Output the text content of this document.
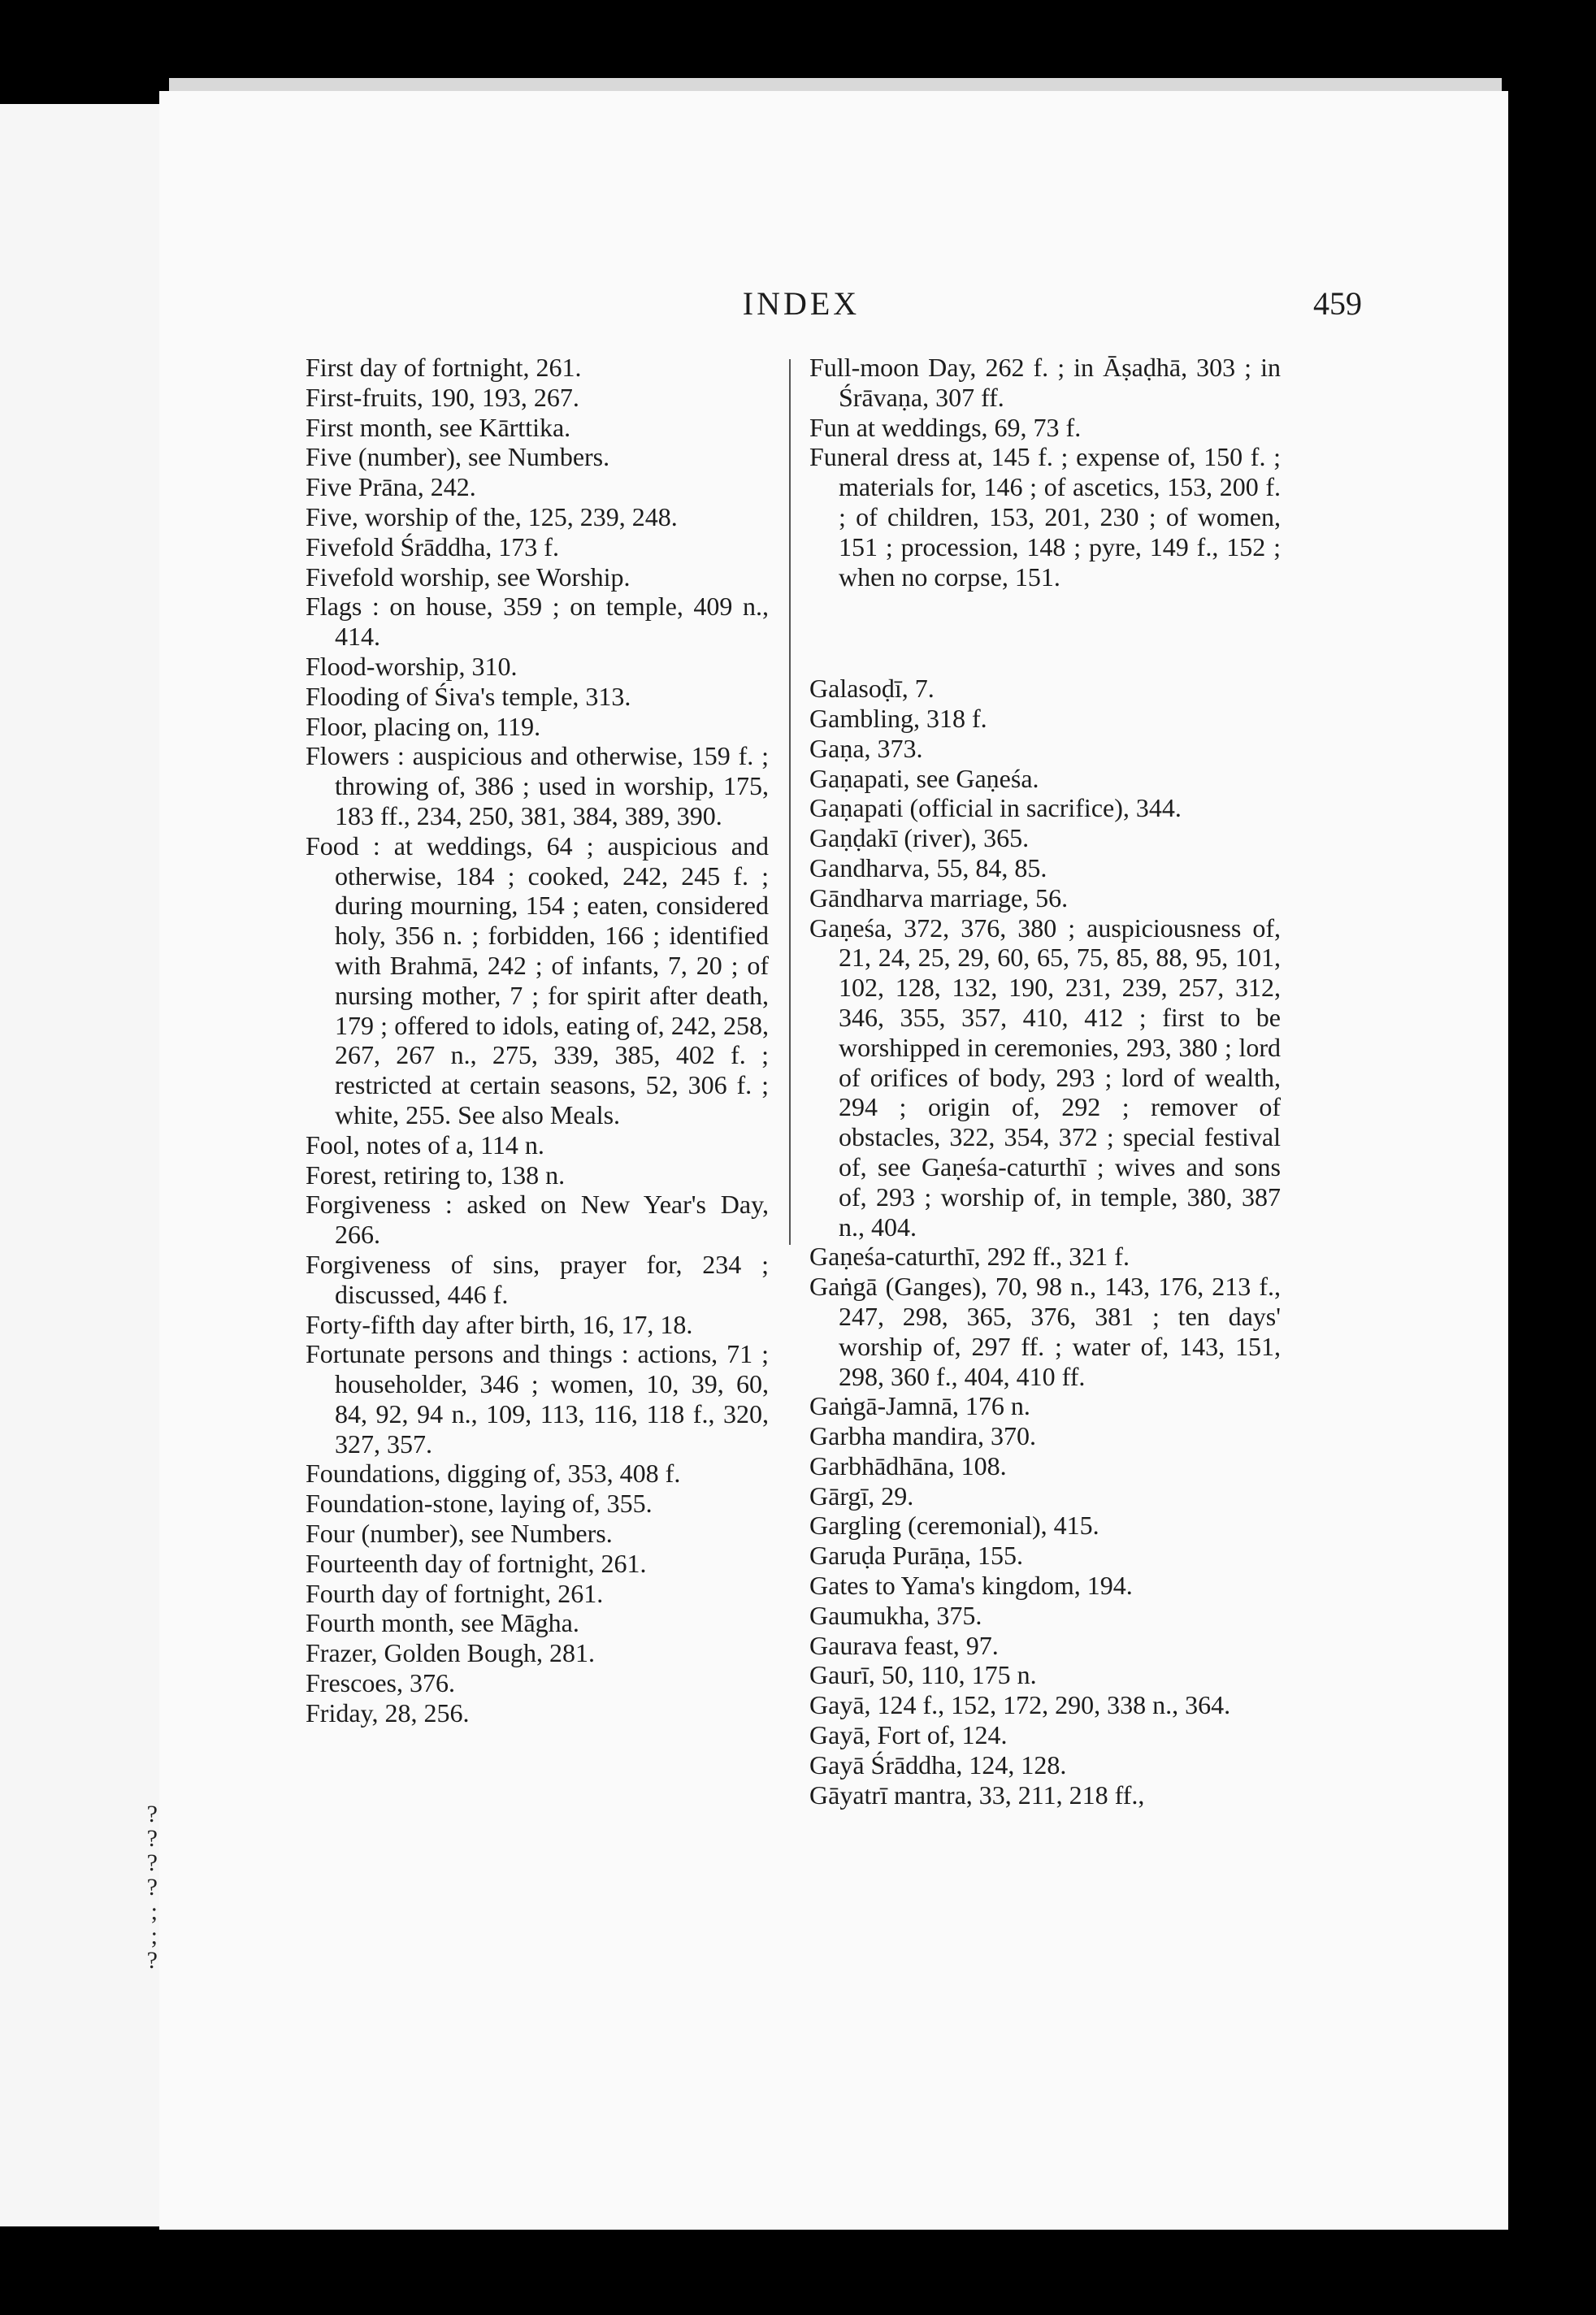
?
?
?
?
;
;
?
INDEX	459

First day of fortnight, 261.

First-fruits, 190, 193, 267.

First month, see Kārttika.

Five (number), see Numbers.

Five Prāna, 242.

Five, worship of the, 125, 239, 248.

Fivefold Śrāddha, 173 f.

Fivefold worship, see Worship.

Flags : on house, 359 ; on temple, 409 n., 414.

Flood-worship, 310.

Flooding of Śiva's temple, 313.

Floor, placing on, 119.

Flowers : auspicious and otherwise, 159 f. ; throwing of, 386 ; used in worship, 175, 183 ff., 234, 250, 381, 384, 389, 390.

Food : at weddings, 64 ; auspicious and otherwise, 184 ; cooked, 242, 245 f. ; during mourning, 154 ; eaten, considered holy, 356 n. ; forbidden, 166 ; identified with Brahmā, 242 ; of infants, 7, 20 ; of nursing mother, 7 ; for spirit after death, 179 ; offered to idols, eating of, 242, 258, 267, 267 n., 275, 339, 385, 402 f. ; restricted at certain seasons, 52, 306 f. ; white, 255. See also Meals.

Fool, notes of a, 114 n.

Forest, retiring to, 138 n.

Forgiveness : asked on New Year's Day, 266.

Forgiveness of sins, prayer for, 234 ; discussed, 446 f.

Forty-fifth day after birth, 16, 17, 18.

Fortunate persons and things : actions, 71 ; householder, 346 ; women, 10, 39, 60, 84, 92, 94 n., 109, 113, 116, 118 f., 320, 327, 357.

Foundations, digging of, 353, 408 f.

Foundation-stone, laying of, 355.

Four (number), see Numbers.

Fourteenth day of fortnight, 261.

Fourth day of fortnight, 261.

Fourth month, see Māgha.

Frazer, Golden Bough, 281.

Frescoes, 376.

Friday, 28, 256.

Full-moon Day, 262 f. ; in Āṣaḍhā, 303 ; in Śrāvaṇa, 307 ff.

Fun at weddings, 69, 73 f.

Funeral dress at, 145 f. ; expense of, 150 f. ; materials for, 146 ; of ascetics, 153, 200 f. ; of children, 153, 201, 230 ; of women, 151 ; procession, 148 ; pyre, 149 f., 152 ; when no corpse, 151.

Galasoḍī, 7.

Gambling, 318 f.

Gaṇa, 373.

Gaṇapati, see Gaṇeśa.

Gaṇapati (official in sacrifice), 344.

Gaṇḍakī (river), 365.

Gandharva, 55, 84, 85.

Gāndharva marriage, 56.

Gaṇeśa, 372, 376, 380 ; auspiciousness of, 21, 24, 25, 29, 60, 65, 75, 85, 88, 95, 101, 102, 128, 132, 190, 231, 239, 257, 312, 346, 355, 357, 410, 412 ; first to be worshipped in ceremonies, 293, 380 ; lord of orifices of body, 293 ; lord of wealth, 294 ; origin of, 292 ; remover of obstacles, 322, 354, 372 ; special festival of, see Gaṇeśa-caturthī ; wives and sons of, 293 ; worship of, in temple, 380, 387 n., 404.

Gaṇeśa-caturthī, 292 ff., 321 f.

Gaṅgā (Ganges), 70, 98 n., 143, 176, 213 f., 247, 298, 365, 376, 381 ; ten days' worship of, 297 ff. ; water of, 143, 151, 298, 360 f., 404, 410 ff.

Gaṅgā-Jamnā, 176 n.

Garbha mandira, 370.

Garbhādhāna, 108.

Gārgī, 29.

Gargling (ceremonial), 415.

Garuḍa Purāṇa, 155.

Gates to Yama's kingdom, 194.

Gaumukha, 375.

Gaurava feast, 97.

Gaurī, 50, 110, 175 n.

Gayā, 124 f., 152, 172, 290, 338 n., 364.

Gayā, Fort of, 124.

Gayā Śrāddha, 124, 128.

Gāyatrī mantra, 33, 211, 218 ff.,
